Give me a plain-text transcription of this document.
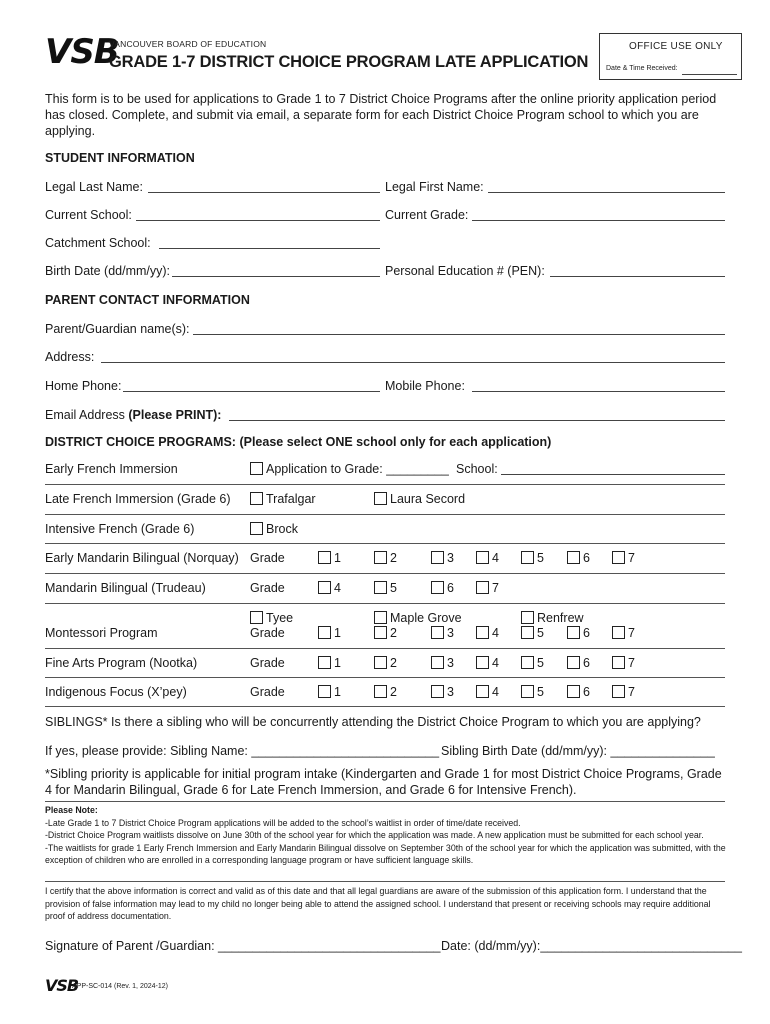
VSB
VANCOUVER BOARD OF EDUCATION
GRADE 1-7 DISTRICT CHOICE PROGRAM LATE APPLICATION
OFFICE USE ONLY
Date & Time Received:
This form is to be used for applications to Grade 1 to 7 District Choice Programs after the online priority application period has closed. Complete, and submit via email, a separate form for each District Choice Program school to which you are applying.
STUDENT INFORMATION
Legal Last Name:	Legal First Name:
Current School:	Current Grade:
Catchment School:
Birth Date (dd/mm/yy):	Personal Education # (PEN):
PARENT CONTACT INFORMATION
Parent/Guardian name(s):
Address:
Home Phone:	Mobile Phone:
Email Address (Please PRINT):
DISTRICT CHOICE PROGRAMS: (Please select ONE school only for each application)
Early French Immersion	Application to Grade: _________ School:
Late French Immersion (Grade 6)	Trafalgar	Laura Secord
Intensive French (Grade 6)	Brock
Early Mandarin Bilingual (Norquay) Grade	1	2	3	4	5	6	7
Mandarin Bilingual (Trudeau)	Grade	4	5	6	7
Tyee	Maple Grove	Renfrew
Montessori Program	Grade	1	2	3	4	5	6	7
Fine Arts Program (Nootka)	Grade	1	2	3	4	5	6	7
Indigenous Focus (X’pey)	Grade	1	2	3	4	5	6	7
SIBLINGS* Is there a sibling who will be concurrently attending the District Choice Program to which you are applying?
If yes, please provide: Sibling Name: ___________________________ Sibling Birth Date (dd/mm/yy): _______________
*Sibling priority is applicable for initial program intake (Kindergarten and Grade 1 for most District Choice Programs, Grade 4 for Mandarin Bilingual, Grade 6 for Late French Immersion, and Grade 6 for Intensive French).
Please Note:
-Late Grade 1 to 7 District Choice Program applications will be added to the school’s waitlist in order of time/date received.
-District Choice Program waitlists dissolve on June 30th of the school year for which the application was made. A new application must be submitted for each school year.
-The waitlists for grade 1 Early French Immersion and Early Mandarin Bilingual dissolve on September 30th of the school year for which the application was submitted, with the exception of children who are enrolled in a corresponding language program or have sufficient language skills.
I certify that the above information is correct and valid as of this date and that all legal guardians are aware of the submission of this application form. I understand that the provision of false information may lead to my child no longer being able to attend the assigned school. I understand that present or receiving schools may require additional proof of address documentation.
Signature of Parent /Guardian: ________________________________ Date: (dd/mm/yy):_____________________________
VSB
APP-SC-014 (Rev. 1, 2024-12)
